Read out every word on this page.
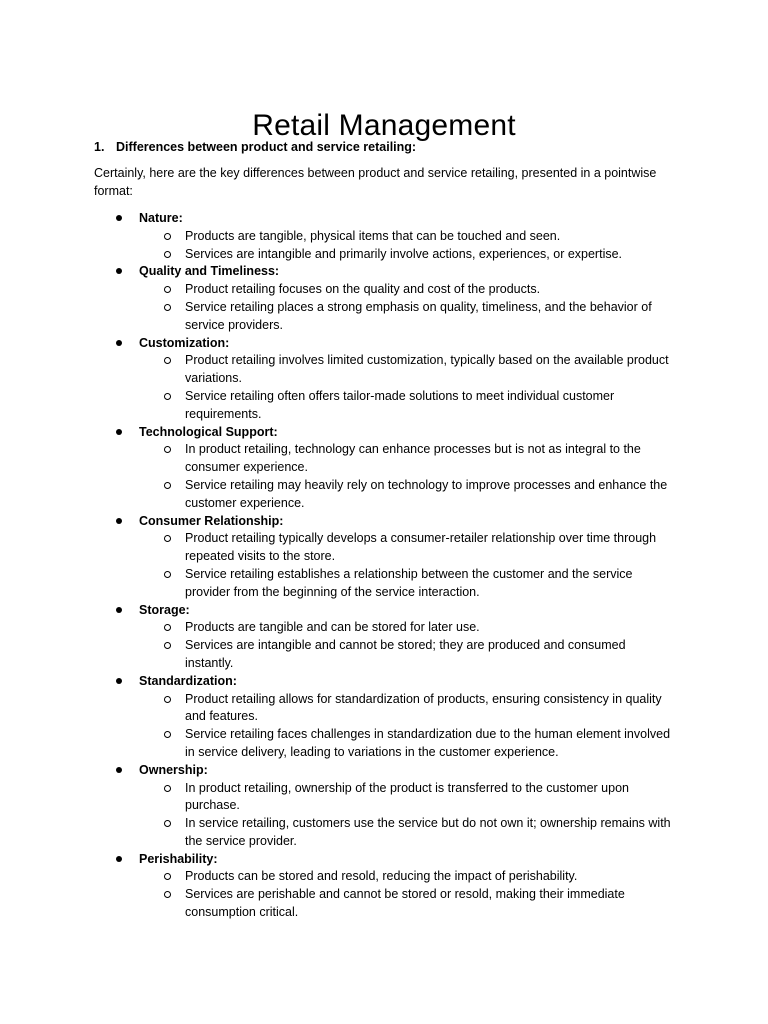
Retail Management
1. Differences between product and service retailing:

Certainly, here are the key differences between product and service retailing, presented in a pointwise format:

Nature:
Products are tangible, physical items that can be touched and seen.
Services are intangible and primarily involve actions, experiences, or expertise.
Quality and Timeliness:
Product retailing focuses on the quality and cost of the products.
Service retailing places a strong emphasis on quality, timeliness, and the behavior of service providers.
Customization:
Product retailing involves limited customization, typically based on the available product variations.
Service retailing often offers tailor-made solutions to meet individual customer requirements.
Technological Support:
In product retailing, technology can enhance processes but is not as integral to the consumer experience.
Service retailing may heavily rely on technology to improve processes and enhance the customer experience.
Consumer Relationship:
Product retailing typically develops a consumer-retailer relationship over time through repeated visits to the store.
Service retailing establishes a relationship between the customer and the service provider from the beginning of the service interaction.
Storage:
Products are tangible and can be stored for later use.
Services are intangible and cannot be stored; they are produced and consumed instantly.
Standardization:
Product retailing allows for standardization of products, ensuring consistency in quality and features.
Service retailing faces challenges in standardization due to the human element involved in service delivery, leading to variations in the customer experience.
Ownership:
In product retailing, ownership of the product is transferred to the customer upon purchase.
In service retailing, customers use the service but do not own it; ownership remains with the service provider.
Perishability:
Products can be stored and resold, reducing the impact of perishability.
Services are perishable and cannot be stored or resold, making their immediate consumption critical.
